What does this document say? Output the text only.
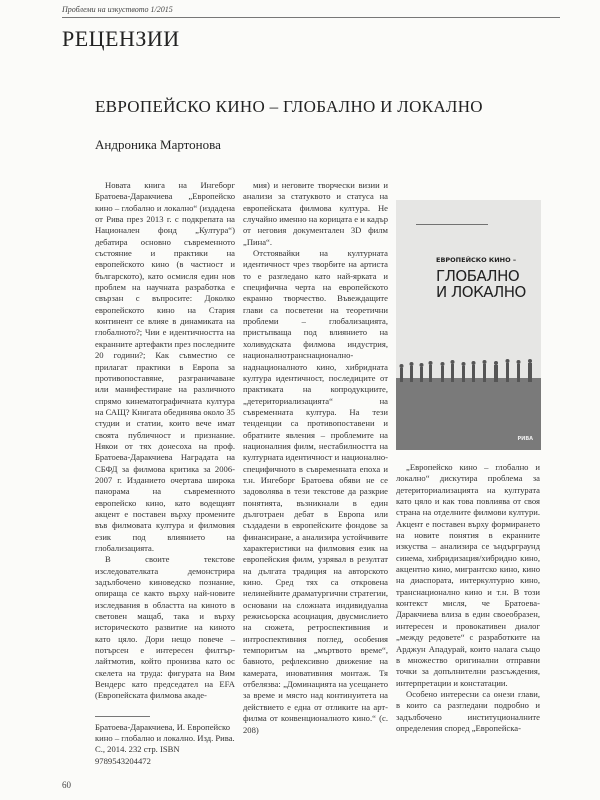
Проблеми на изкуството 1/2015
РЕЦЕНЗИИ
ЕВРОПЕЙСКО КИНО – ГЛОБАЛНО И ЛОКАЛНО
Андроника Мартонова

Новата книга на Ингеборг Братоева-Даракчиева „Европейско кино – глобално и локално“ (издадена от Рива през 2013 г. с подкрепата на Национален фонд „Култура“) дебатира основно съвременното състояние и практики на европейското кино (в частност и българското), като осмисля един нов проблем на научната разработка е свързан с въпросите: Доколко европейското кино на Стария континент се влияе в динамиката на глобалното?; Чии е идентичността на екранните артефакти през последните 20 години?; Как съвместно се прилагат практики в Европа за противопоставяне, разграничаване или манифестиране на различното спрямо кинематографичната култура на САЩ? Книгата обединява около 35 студии и статии, които вече имат своята публичност и признание. Някои от тях донесоха на проф. Братоева-Даракчиева Наградата на СБФД за филмова критика за 2006-2007 г. Изданието очертава широка панорама на съвременното европейско кино, като водещият акцент е поставен върху промените във филмовата култура и филмовия език под влиянието на глобализацията.

В своите текстове изследователката демонстрира задълбочено киноведско познание, опираща се както върху най-новите изследвания в областта на киното в световен мащаб, така и върху историческото развитие на киното като цяло. Дори нещо повече – потърсен е интересен филтър-лайтмотив, който пронизва като ос скелета на труда: фигурата на Вим Вендерс като председател на EFA (Европейската филмова акаде-

Братоева-Даракчиева, И. Европейско кино – глобално и локално. Изд. Рива. С., 2014. 232 стр. ISBN 9789543204472

мия) и неговите творчески визии и анализи за статуквото и статуса на европейската филмова култура. Не случайно именно на корицата е и кадър от неговия документален 3D филм „Пина“.

Отстоявайки на културната идентичност чрез творбите на артиста то е разгледано като най-ярката и специфична черта на европейското екранно творчество. Въвеждащите глави са посветени на теоретични проблеми – глобализацията, пристъпваща под влиянието на холивудската филмова индустрия, националнотранснационално-наднационалното кино, хибридната култура идентичност, последиците от практиката на копродукциите, „детериториализацията“ на съвременната култура. На тези тенденции са противопоставени и обратните явления – проблемите на националния филм, нестабилността на културната идентичност и национално-специфичното в съвременната епоха и т.н. Ингеборг Братоева обяви не се задоволява в тези текстове да разкрие понятията, възникнали в един дълготраен дебат в Европа или създадени в европейските фондове за финансиране, а анализира устойчивите характеристики на филмовия език на европейския филм, узрявал в резултат на дългата традиция на авторското кино. Сред тях са откровена нелинейните драматургични стратегии, основани на сложната индивидуална режисьорска асоциация, двусмислието на сюжета, ретроспективния и интроспективния поглед, особения темпоритъм на „мъртвото време“, бавното, рефлексивно движение на камерата, иновативния монтаж. Тя отбелязва: „Доминацията на усещането за време и място над континуитета на действието е една от отликите на арт-филма от конвенционалното кино.“ (с. 208)

▬▬▬▬▬▬▬▬▬▬▬▬▬▬▬▬▬▬▬▬▬▬▬▬
ЕВРОПЕЙСКО КИНО –
ГЛОБАЛНО
И ЛОКАЛНО
РИВА

„Европейско кино – глобално и локално“ дискутира проблема за детериториализацията на културата като цяло и как това повлиява от своя страна на отделните филмови култури. Акцент е поставен върху формирането на новите понятия в екранните изкуства – анализира се ъндърграунд синема, хибридизация/хибридно кино, акцентно кино, мигрантско кино, кино на диаспората, интеркултурно кино, транснационално кино и т.н. В този контекст мисля, че Братоева-Даракчиева влиза в един своеобразен, интересен и провокативен диалог „между редовете“ с разработките на Арджун Ападурай, които налага също в множество оригинални отправни точки за допълнителни разсъждения, интерпретации и констатации.

Особено интересни са онези глави, в които са разгледани подробно и задълбочено институционалните определения според „Европейска-

60
